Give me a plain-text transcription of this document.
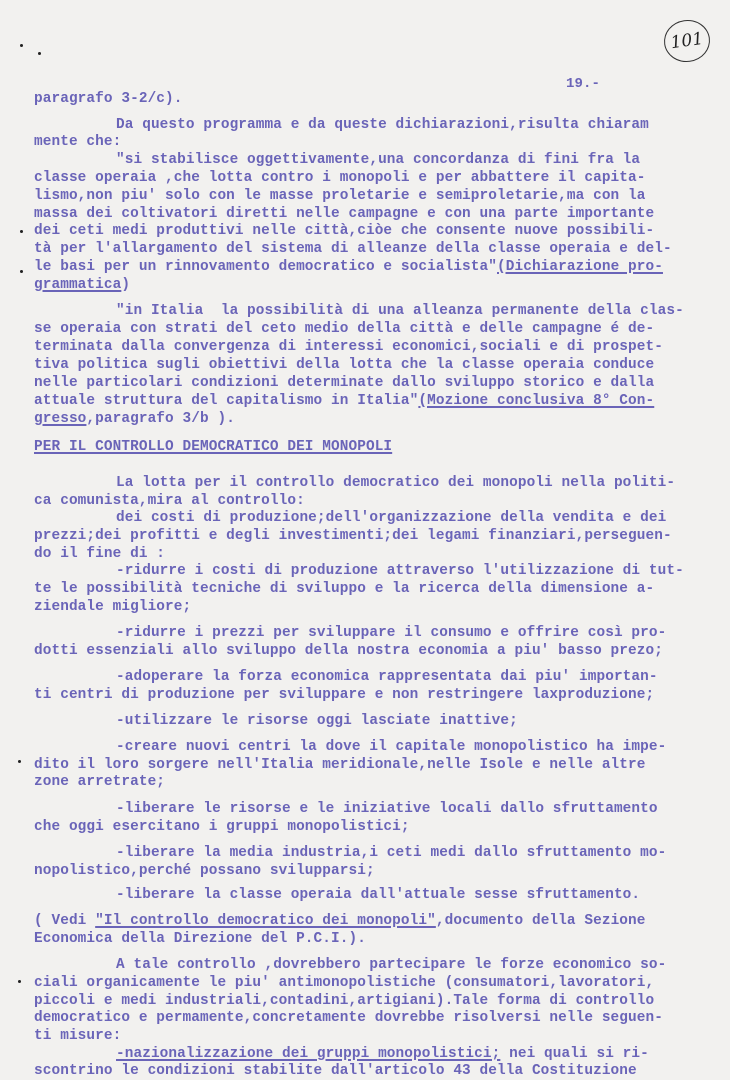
101
19.-
paragrafo 3-2/c).
Da questo programma e da queste dichiarazioni,risulta chiaram
mente che:
"si stabilisce oggettivamente,una concordanza di fini fra la
classe operaia ,che lotta contro i monopoli e per abbattere il capita-
lismo,non piu' solo con le masse proletarie e semiproletarie,ma con la
massa dei coltivatori diretti nelle campagne e con una parte importante
dei ceti medi produttivi nelle città,ciòe che consente nuove possibili-
tà per l'allargamento del sistema di alleanze della classe operaia e del-
le basi per un rinnovamento democratico e socialista"(Dichiarazione pro-
grammatica)
"in Italia  la possibilità di una alleanza permanente della clas-
se operaia con strati del ceto medio della città e delle campagne é de-
terminata dalla convergenza di interessi economici,sociali e di prospet-
tiva politica sugli obiettivi della lotta che la classe operaia conduce
nelle particolari condizioni determinate dallo sviluppo storico e dalla
attuale struttura del capitalismo in Italia"(Mozione conclusiva 8° Con-
gresso,paragrafo 3/b ).
PER IL CONTROLLO DEMOCRATICO DEI MONOPOLI
La lotta per il controllo democratico dei monopoli nella politi-
ca comunista,mira al controllo:
dei costi di produzione;dell'organizzazione della vendita e dei
prezzi;dei profitti e degli investimenti;dei legami finanziari,perseguen-
do il fine di :
-ridurre i costi di produzione attraverso l'utilizzazione di tut-
te le possibilità tecniche di sviluppo e la ricerca della dimensione a-
ziendale migliore;
-ridurre i prezzi per sviluppare il consumo e offrire così pro-
dotti essenziali allo sviluppo della nostra economia a piu' basso prezo;
-adoperare la forza economica rappresentata dai piu' importan-
ti centri di produzione per sviluppare e non restringere laxproduzione;
-utilizzare le risorse oggi lasciate inattive;
-creare nuovi centri la dove il capitale monopolistico ha impe-
dito il loro sorgere nell'Italia meridionale,nelle Isole e nelle altre
zone arretrate;
-liberare le risorse e le iniziative locali dallo sfruttamento
che oggi esercitano i gruppi monopolistici;
-liberare la media industria,i ceti medi dallo sfruttamento mo-
nopolistico,perché possano svilupparsi;
-liberare la classe operaia dall'attuale sesse sfruttamento.
( Vedi "Il controllo democratico dei monopoli",documento della Sezione
Economica della Direzione del P.C.I.).
A tale controllo ,dovrebbero partecipare le forze economico so-
ciali organicamente le piu' antimonopolistiche (consumatori,lavoratori,
piccoli e medi industriali,contadini,artigiani).Tale forma di controllo
democratico e permamente,concretamente dovrebbe risolversi nelle seguen-
ti misure:
-nazionalizzazione dei gruppi monopolistici; nei quali si ri-
scontrino le condizioni stabilite dall'articolo 43 della Costituzione
